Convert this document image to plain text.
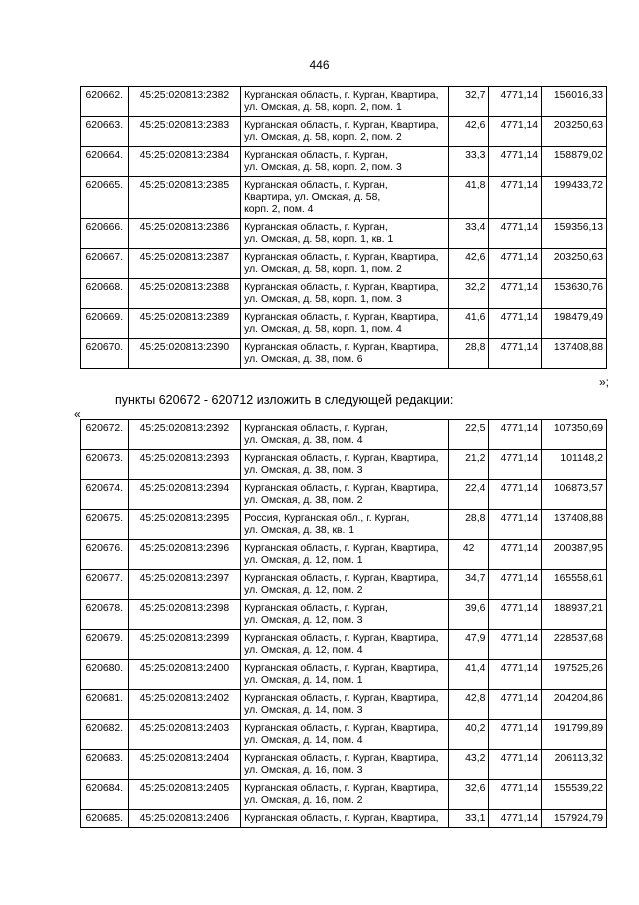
446
620662.	45:25:020813:2382	Курганская область, г. Курган, Квартира,
ул. Омская, д. 58, корп. 2, пом. 1	32,7	4771,14	156016,33
620663.	45:25:020813:2383	Курганская область, г. Курган, Квартира,
ул. Омская, д. 58, корп. 2, пом. 2	42,6	4771,14	203250,63
620664.	45:25:020813:2384	Курганская область, г. Курган,
ул. Омская, д. 58, корп. 2, пом. 3	33,3	4771,14	158879,02
620665.	45:25:020813:2385	Курганская область, г. Курган,
Квартира, ул. Омская, д. 58,
корп. 2, пом. 4	41,8	4771,14	199433,72
620666.	45:25:020813:2386	Курганская область, г. Курган,
ул. Омская, д. 58, корп. 1, кв. 1	33,4	4771,14	159356,13
620667.	45:25:020813:2387	Курганская область, г. Курган, Квартира,
ул. Омская, д. 58, корп. 1, пом. 2	42,6	4771,14	203250,63
620668.	45:25:020813:2388	Курганская область, г. Курган, Квартира,
ул. Омская, д. 58, корп. 1, пом. 3	32,2	4771,14	153630,76
620669.	45:25:020813:2389	Курганская область, г. Курган, Квартира,
ул. Омская, д. 58, корп. 1, пом. 4	41,6	4771,14	198479,49
620670.	45:25:020813:2390	Курганская область, г. Курган, Квартира,
ул. Омская, д. 38, пом. 6	28,8	4771,14	137408,88
»;
пункты 620672 - 620712 изложить в следующей редакции:
«
620672.	45:25:020813:2392	Курганская область, г. Курган,
ул. Омская, д. 38, пом. 4	22,5	4771,14	107350,69
620673.	45:25:020813:2393	Курганская область, г. Курган, Квартира,
ул. Омская, д. 38, пом. 3	21,2	4771,14	101148,2
620674.	45:25:020813:2394	Курганская область, г. Курган, Квартира,
ул. Омская, д. 38, пом. 2	22,4	4771,14	106873,57
620675.	45:25:020813:2395	Россия, Курганская обл., г. Курган,
ул. Омская, д. 38, кв. 1	28,8	4771,14	137408,88
620676.	45:25:020813:2396	Курганская область, г. Курган, Квартира,
ул. Омская, д. 12, пом. 1	42	4771,14	200387,95
620677.	45:25:020813:2397	Курганская область, г. Курган, Квартира,
ул. Омская, д. 12, пом. 2	34,7	4771,14	165558,61
620678.	45:25:020813:2398	Курганская область, г. Курган,
ул. Омская, д. 12, пом. 3	39,6	4771,14	188937,21
620679.	45:25:020813:2399	Курганская область, г. Курган, Квартира,
ул. Омская, д. 12, пом. 4	47,9	4771,14	228537,68
620680.	45:25:020813:2400	Курганская область, г. Курган, Квартира,
ул. Омская, д. 14, пом. 1	41,4	4771,14	197525,26
620681.	45:25:020813:2402	Курганская область, г. Курган, Квартира,
ул. Омская, д. 14, пом. 3	42,8	4771,14	204204,86
620682.	45:25:020813:2403	Курганская область, г. Курган, Квартира,
ул. Омская, д. 14, пом. 4	40,2	4771,14	191799,89
620683.	45:25:020813:2404	Курганская область, г. Курган, Квартира,
ул. Омская, д. 16, пом. 3	43,2	4771,14	206113,32
620684.	45:25:020813:2405	Курганская область, г. Курган, Квартира,
ул. Омская, д. 16, пом. 2	32,6	4771,14	155539,22
620685.	45:25:020813:2406	Курганская область, г. Курган, Квартира,	33,1	4771,14	157924,79
